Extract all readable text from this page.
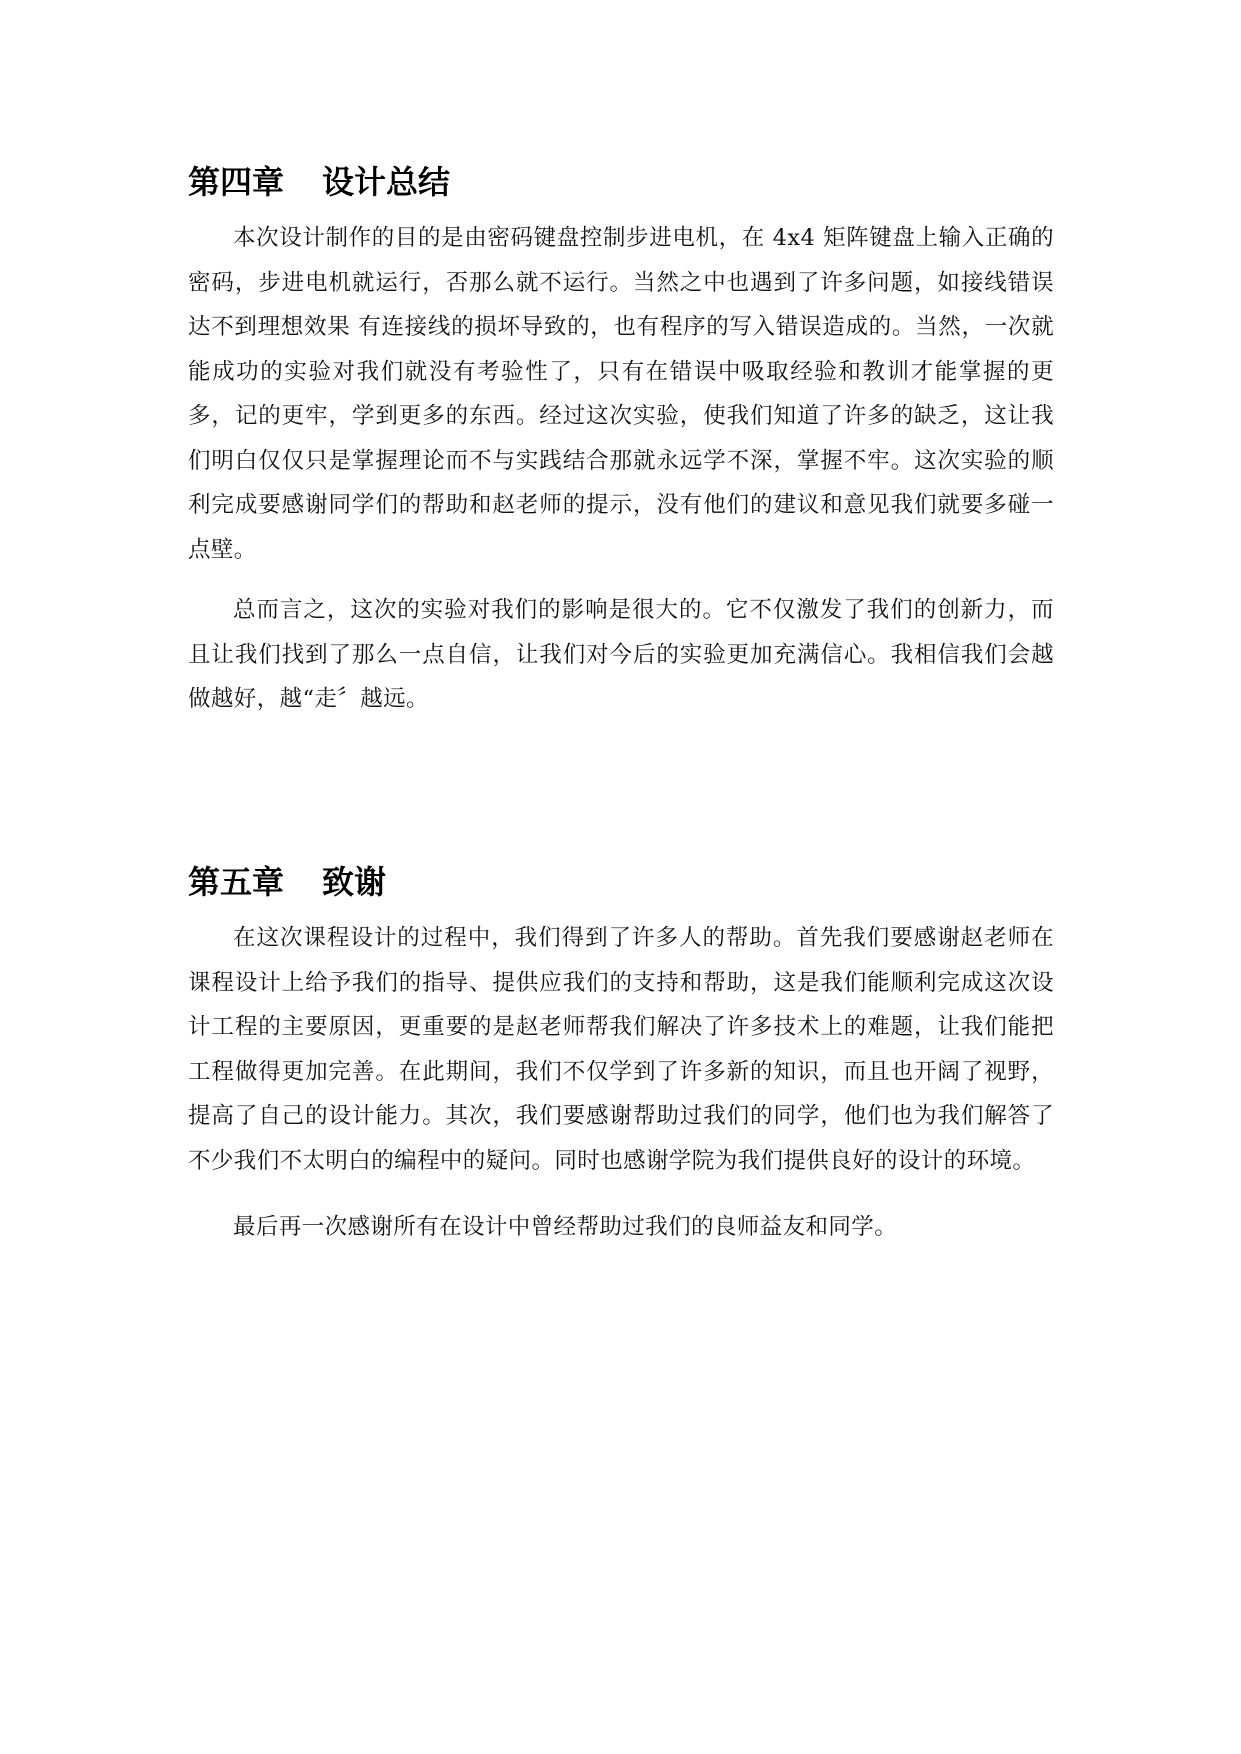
第四章 设计总结

本次设计制作的目的是由密码键盘控制步进电机，在 4x4 矩阵键盘上输入正确的密码，步进电机就运行，否那么就不运行。当然之中也遇到了许多问题，如接线错误达不到理想效果 有连接线的损坏导致的，也有程序的写入错误造成的。当然，一次就能成功的实验对我们就没有考验性了，只有在错误中吸取经验和教训才能掌握的更多，记的更牢，学到更多的东西。经过这次实验，使我们知道了许多的缺乏，这让我们明白仅仅只是掌握理论而不与实践结合那就永远学不深，掌握不牢。这次实验的顺利完成要感谢同学们的帮助和赵老师的提示，没有他们的建议和意见我们就要多碰一点壁。

总而言之，这次的实验对我们的影响是很大的。它不仅激发了我们的创新力，而且让我们找到了那么一点自信，让我们对今后的实验更加充满信心。我相信我们会越做越好，越“走〞越远。

第五章 致谢

在这次课程设计的过程中，我们得到了许多人的帮助。首先我们要感谢赵老师在课程设计上给予我们的指导、提供应我们的支持和帮助，这是我们能顺利完成这次设计工程的主要原因，更重要的是赵老师帮我们解决了许多技术上的难题，让我们能把工程做得更加完善。在此期间，我们不仅学到了许多新的知识，而且也开阔了视野，提高了自己的设计能力。其次，我们要感谢帮助过我们的同学，他们也为我们解答了不少我们不太明白的编程中的疑问。同时也感谢学院为我们提供良好的设计的环境。

最后再一次感谢所有在设计中曾经帮助过我们的良师益友和同学。
